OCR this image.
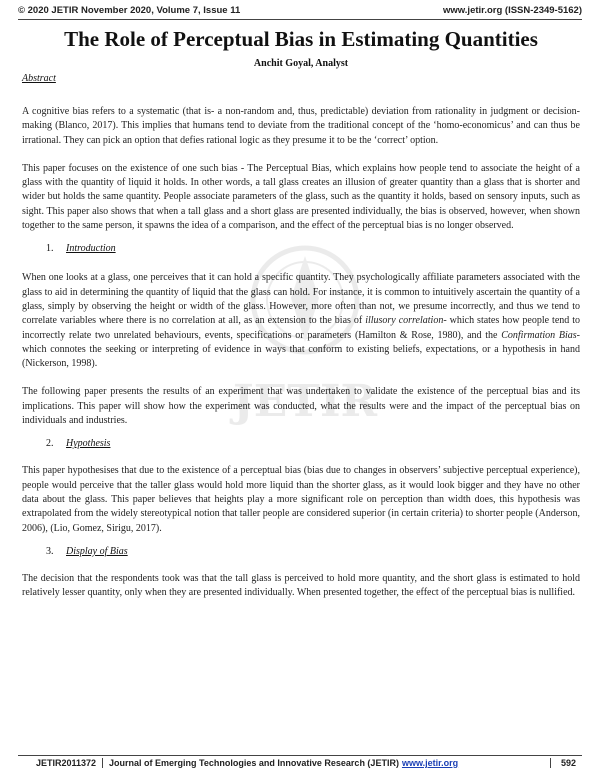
© 2020 JETIR November 2020, Volume 7, Issue 11	www.jetir.org (ISSN-2349-5162)
JETIR
The Role of Perceptual Bias in Estimating Quantities
Anchit Goyal, Analyst
Abstract

A cognitive bias refers to a systematic (that is- a non-random and, thus, predictable) deviation from rationality in judgment or decision-making (Blanco, 2017). This implies that humans tend to deviate from the traditional concept of the ‘homo-economicus’ and can thus be irrational. They can pick an option that defies rational logic as they presume it to be the ‘correct’ option.

This paper focuses on the existence of one such bias - The Perceptual Bias, which explains how people tend to associate the height of a glass with the quantity of liquid it holds. In other words, a tall glass creates an illusion of greater quantity than a glass that is shorter and wider but holds the same quantity. People associate parameters of the glass, such as the quantity it holds, based on sensory inputs, such as sight. This paper also shows that when a tall glass and a short glass are presented individually, the bias is observed, however, when shown together to the same person, it spawns the idea of a comparison, and the effect of the perceptual bias is no longer observed.

1. Introduction

When one looks at a glass, one perceives that it can hold a specific quantity. They psychologically affiliate parameters associated with the glass to aid in determining the quantity of liquid that the glass can hold. For instance, it is common to intuitively ascertain the quantity of a glass, simply by observing the height or width of the glass. However, more often than not, we presume incorrectly, and thus we tend to correlate variables where there is no correlation at all, as an extension to the bias of illusory correlation- which states how people tend to incorrectly relate two unrelated behaviours, events, specifications or parameters (Hamilton & Rose, 1980), and the Confirmation Bias- which connotes the seeking or interpreting of evidence in ways that conform to existing beliefs, expectations, or a hypothesis in hand (Nickerson, 1998).

The following paper presents the results of an experiment that was undertaken to validate the existence of the perceptual bias and its implications. This paper will show how the experiment was conducted, what the results were and the impact of the perceptual bias on individuals and industries.

2. Hypothesis

This paper hypothesises that due to the existence of a perceptual bias (bias due to changes in observers’ subjective perceptual experience), people would perceive that the taller glass would hold more liquid than the shorter glass, as it would look bigger and they have no other data about the glass. This paper believes that heights play a more significant role on perception than width does, this hypothesis was extrapolated from the widely stereotypical notion that taller people are considered superior (in certain criteria) to shorter people (Anderson, 2006), (Lio, Gomez, Sirigu, 2017).

3. Display of Bias

The decision that the respondents took was that the tall glass is perceived to hold more quantity, and the short glass is estimated to hold relatively lesser quantity, only when they are presented individually. When presented together, the effect of the perceptual bias is nullified.

JETIR2011372	Journal of Emerging Technologies and Innovative Research (JETIR) www.jetir.org	592
